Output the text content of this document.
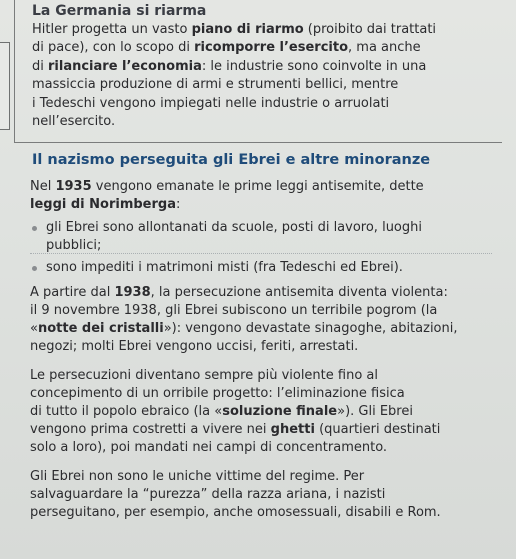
La Germania si riarma
Hitler progetta un vasto piano di riarmo (proibito dai trattati
di pace), con lo scopo di ricomporre l’esercito, ma anche
di rilanciare l’economia: le industrie sono coinvolte in una
massiccia produzione di armi e strumenti bellici, mentre
i Tedeschi vengono impiegati nelle industrie o arruolati
nell’esercito.
Il nazismo perseguita gli Ebrei e altre minoranze
Nel 1935 vengono emanate le prime leggi antisemite, dette
leggi di Norimberga:
gli Ebrei sono allontanati da scuole, posti di lavoro, luoghi
pubblici;
sono impediti i matrimoni misti (fra Tedeschi ed Ebrei).
A partire dal 1938, la persecuzione antisemita diventa violenta:
il 9 novembre 1938, gli Ebrei subiscono un terribile pogrom (la
«notte dei cristalli»): vengono devastate sinagoghe, abitazioni,
negozi; molti Ebrei vengono uccisi, feriti, arrestati.
Le persecuzioni diventano sempre più violente fino al
concepimento di un orribile progetto: l’eliminazione fisica
di tutto il popolo ebraico (la «soluzione finale»). Gli Ebrei
vengono prima costretti a vivere nei ghetti (quartieri destinati
solo a loro), poi mandati nei campi di concentramento.
Gli Ebrei non sono le uniche vittime del regime. Per
salvaguardare la “purezza” della razza ariana, i nazisti
perseguitano, per esempio, anche omosessuali, disabili e Rom.
